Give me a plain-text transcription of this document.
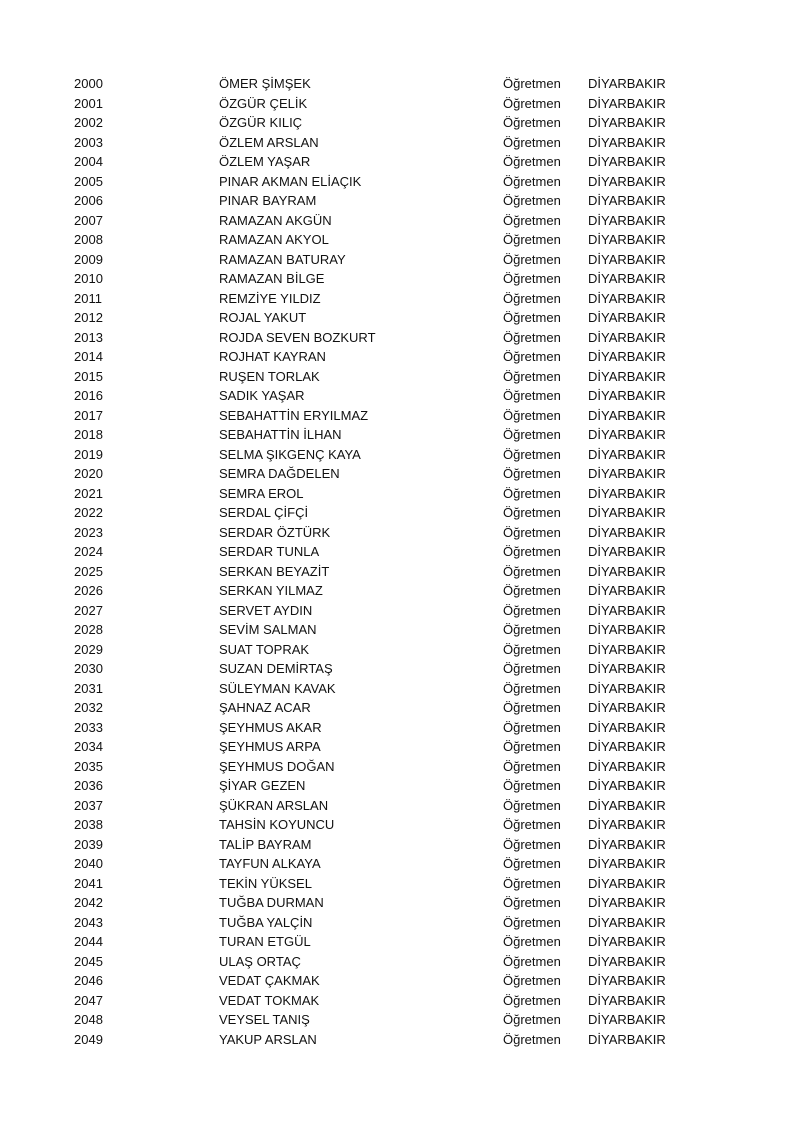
2000	ÖMER ŞİMŞEK	Öğretmen DİYARBAKIR
2001	ÖZGÜR ÇELİK	Öğretmen DİYARBAKIR
2002	ÖZGÜR KILIÇ	Öğretmen DİYARBAKIR
2003	ÖZLEM ARSLAN	Öğretmen DİYARBAKIR
2004	ÖZLEM YAŞAR	Öğretmen DİYARBAKIR
2005	PINAR AKMAN ELİAÇIK	Öğretmen DİYARBAKIR
2006	PINAR BAYRAM	Öğretmen DİYARBAKIR
2007	RAMAZAN AKGÜN	Öğretmen DİYARBAKIR
2008	RAMAZAN AKYOL	Öğretmen DİYARBAKIR
2009	RAMAZAN BATURAY	Öğretmen DİYARBAKIR
2010	RAMAZAN BİLGE	Öğretmen DİYARBAKIR
2011	REMZİYE YILDIZ	Öğretmen DİYARBAKIR
2012	ROJAL YAKUT	Öğretmen DİYARBAKIR
2013	ROJDA SEVEN BOZKURT	Öğretmen DİYARBAKIR
2014	ROJHAT KAYRAN	Öğretmen DİYARBAKIR
2015	RUŞEN TORLAK	Öğretmen DİYARBAKIR
2016	SADIK YAŞAR	Öğretmen DİYARBAKIR
2017	SEBAHATTİN ERYILMAZ	Öğretmen DİYARBAKIR
2018	SEBAHATTİN İLHAN	Öğretmen DİYARBAKIR
2019	SELMA ŞIKGENÇ KAYA	Öğretmen DİYARBAKIR
2020	SEMRA DAĞDELEN	Öğretmen DİYARBAKIR
2021	SEMRA EROL	Öğretmen DİYARBAKIR
2022	SERDAL ÇİFÇİ	Öğretmen DİYARBAKIR
2023	SERDAR ÖZTÜRK	Öğretmen DİYARBAKIR
2024	SERDAR TUNLA	Öğretmen DİYARBAKIR
2025	SERKAN BEYAZİT	Öğretmen DİYARBAKIR
2026	SERKAN YILMAZ	Öğretmen DİYARBAKIR
2027	SERVET AYDIN	Öğretmen DİYARBAKIR
2028	SEVİM SALMAN	Öğretmen DİYARBAKIR
2029	SUAT TOPRAK	Öğretmen DİYARBAKIR
2030	SUZAN DEMİRTAŞ	Öğretmen DİYARBAKIR
2031	SÜLEYMAN KAVAK	Öğretmen DİYARBAKIR
2032	ŞAHNAZ ACAR	Öğretmen DİYARBAKIR
2033	ŞEYHMUS AKAR	Öğretmen DİYARBAKIR
2034	ŞEYHMUS ARPA	Öğretmen DİYARBAKIR
2035	ŞEYHMUS DOĞAN	Öğretmen DİYARBAKIR
2036	ŞİYAR GEZEN	Öğretmen DİYARBAKIR
2037	ŞÜKRAN ARSLAN	Öğretmen DİYARBAKIR
2038	TAHSİN KOYUNCU	Öğretmen DİYARBAKIR
2039	TALİP BAYRAM	Öğretmen DİYARBAKIR
2040	TAYFUN ALKAYA	Öğretmen DİYARBAKIR
2041	TEKİN YÜKSEL	Öğretmen DİYARBAKIR
2042	TUĞBA DURMAN	Öğretmen DİYARBAKIR
2043	TUĞBA YALÇİN	Öğretmen DİYARBAKIR
2044	TURAN ETGÜL	Öğretmen DİYARBAKIR
2045	ULAŞ ORTAÇ	Öğretmen DİYARBAKIR
2046	VEDAT ÇAKMAK	Öğretmen DİYARBAKIR
2047	VEDAT TOKMAK	Öğretmen DİYARBAKIR
2048	VEYSEL TANIŞ	Öğretmen DİYARBAKIR
2049	YAKUP ARSLAN	Öğretmen DİYARBAKIR
